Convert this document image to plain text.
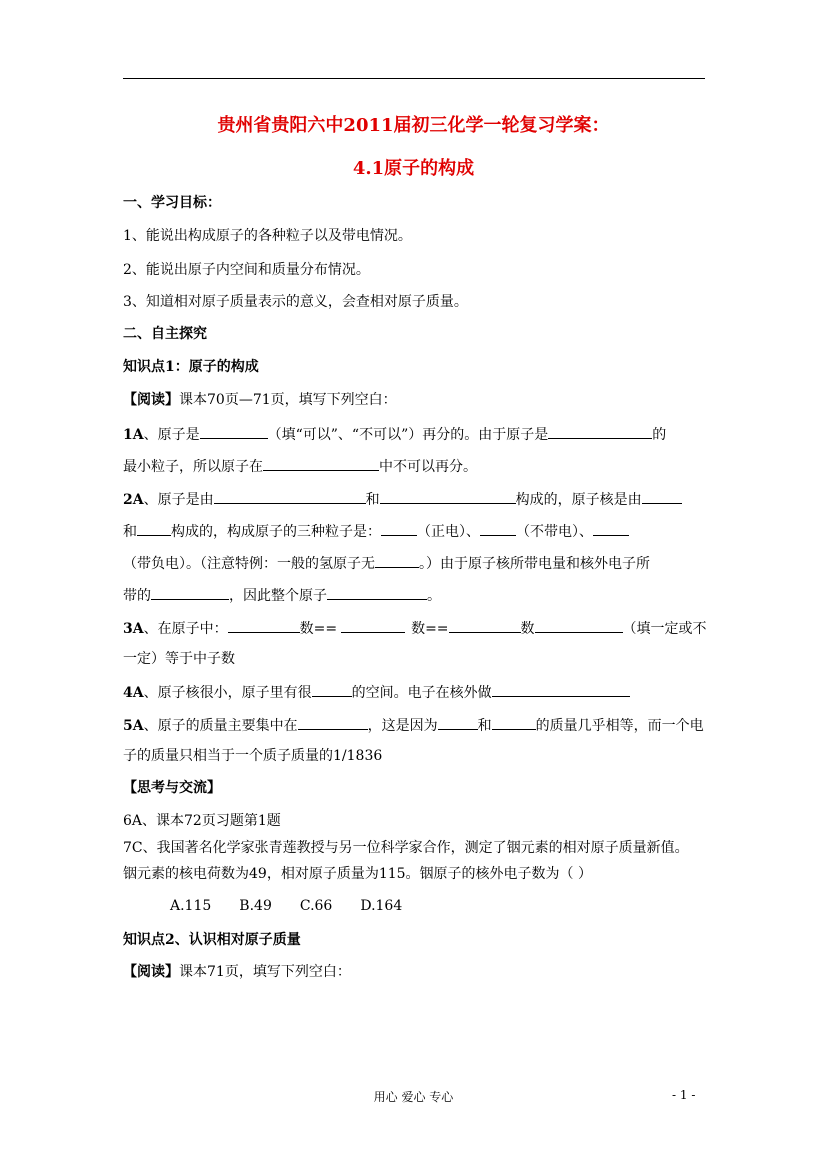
贵州省贵阳六中2011届初三化学一轮复习学案：
4.1原子的构成
一、学习目标：
1、能说出构成原子的各种粒子以及带电情况。
2、能说出原子内空间和质量分布情况。
3、知道相对原子质量表示的意义，会查相对原子质量。
二、自主探究
知识点1：原子的构成
【阅读】课本70页—71页，填写下列空白：
1A、原子是	（填“可以”、“不可以”）再分的。由于原子是	的
最小粒子，所以原子在	中不可以再分。
2A、原子是由	和	构成的，原子核是由
和 构成的，构成原子的三种粒子是：	（正电）、	（不带电）、
（带负电）。（注意特例：一般的氢原子无	。）由于原子核所带电量和核外电子所
带的	，因此整个原子	。
3A、在原子中：	数==	数==	数	（填一定或不
一定）等于中子数
4A、原子核很小，原子里有很	的空间。电子在核外做
5A、原子的质量主要集中在	，这是因为	和	的质量几乎相等，而一个电
子的质量只相当于一个质子质量的1/1836
【思考与交流】
6A、课本72页习题第1题
7C、我国著名化学家张青莲教授与另一位科学家合作，测定了铟元素的相对原子质量新值。
铟元素的核电荷数为49，相对原子质量为115。铟原子的核外电子数为（ ）
A.115 B.49 C.66 D.164
知识点2、认识相对原子质量
【阅读】课本71页，填写下列空白：
用心 爱心 专心	- 1 -
